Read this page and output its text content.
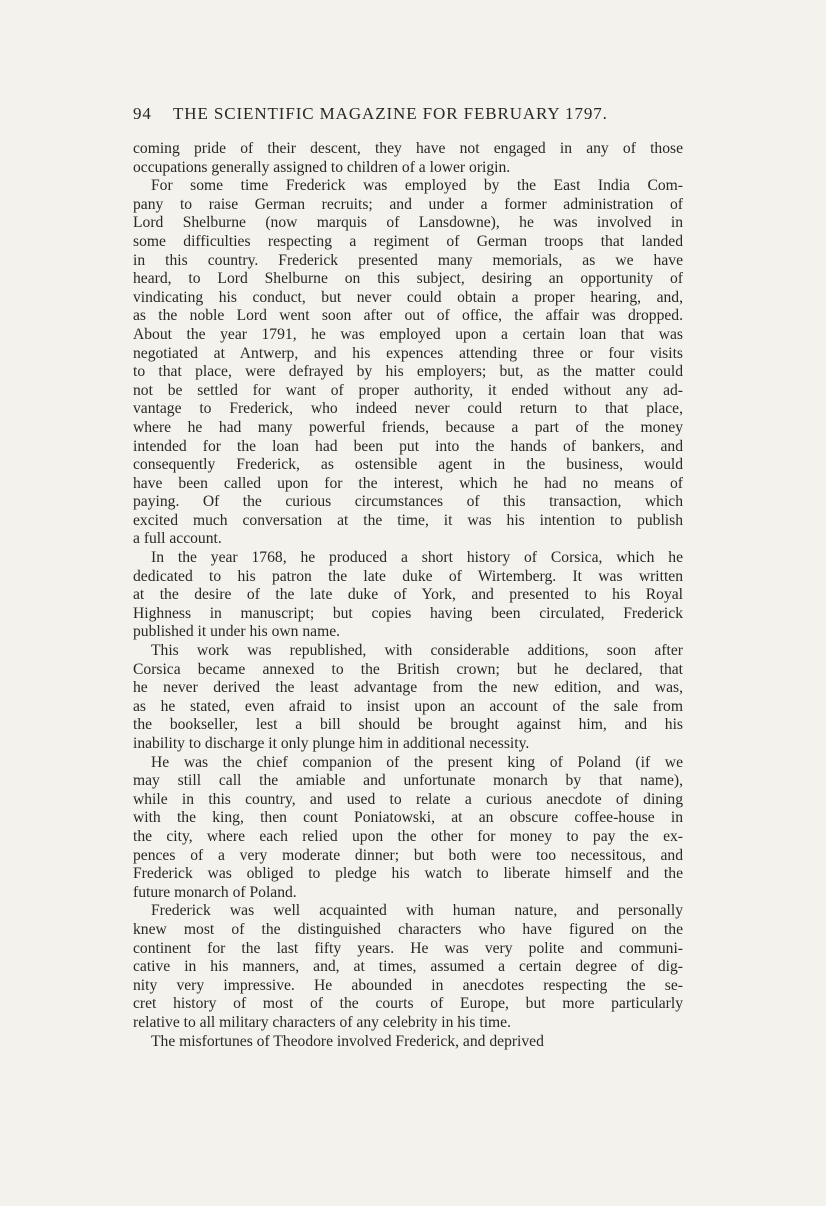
94	THE SCIENTIFIC MAGAZINE FOR FEBRUARY 1797.
coming pride of their descent, they have not engaged in any of those
occupations generally assigned to children of a lower origin.
For some time Frederick was employed by the East India Com-
pany to raise German recruits; and under a former administration of
Lord Shelburne (now marquis of Lansdowne), he was involved in
some difficulties respecting a regiment of German troops that landed
in this country. Frederick presented many memorials, as we have
heard, to Lord Shelburne on this subject, desiring an opportunity of
vindicating his conduct, but never could obtain a proper hearing, and,
as the noble Lord went soon after out of office, the affair was dropped.
About the year 1791, he was employed upon a certain loan that was
negotiated at Antwerp, and his expences attending three or four visits
to that place, were defrayed by his employers; but, as the matter could
not be settled for want of proper authority, it ended without any ad-
vantage to Frederick, who indeed never could return to that place,
where he had many powerful friends, because a part of the money
intended for the loan had been put into the hands of bankers, and
consequently Frederick, as ostensible agent in the business, would
have been called upon for the interest, which he had no means of
paying. Of the curious circumstances of this transaction, which
excited much conversation at the time, it was his intention to publish
a full account.
In the year 1768, he produced a short history of Corsica, which he
dedicated to his patron the late duke of Wirtemberg. It was written
at the desire of the late duke of York, and presented to his Royal
Highness in manuscript; but copies having been circulated, Frederick
published it under his own name.
This work was republished, with considerable additions, soon after
Corsica became annexed to the British crown; but he declared, that
he never derived the least advantage from the new edition, and was,
as he stated, even afraid to insist upon an account of the sale from
the bookseller, lest a bill should be brought against him, and his
inability to discharge it only plunge him in additional necessity.
He was the chief companion of the present king of Poland (if we
may still call the amiable and unfortunate monarch by that name),
while in this country, and used to relate a curious anecdote of dining
with the king, then count Poniatowski, at an obscure coffee-house in
the city, where each relied upon the other for money to pay the ex-
pences of a very moderate dinner; but both were too necessitous, and
Frederick was obliged to pledge his watch to liberate himself and the
future monarch of Poland.
Frederick was well acquainted with human nature, and personally
knew most of the distinguished characters who have figured on the
continent for the last fifty years. He was very polite and communi-
cative in his manners, and, at times, assumed a certain degree of dig-
nity very impressive. He abounded in anecdotes respecting the se-
cret history of most of the courts of Europe, but more particularly
relative to all military characters of any celebrity in his time.
The misfortunes of Theodore involved Frederick, and deprived
